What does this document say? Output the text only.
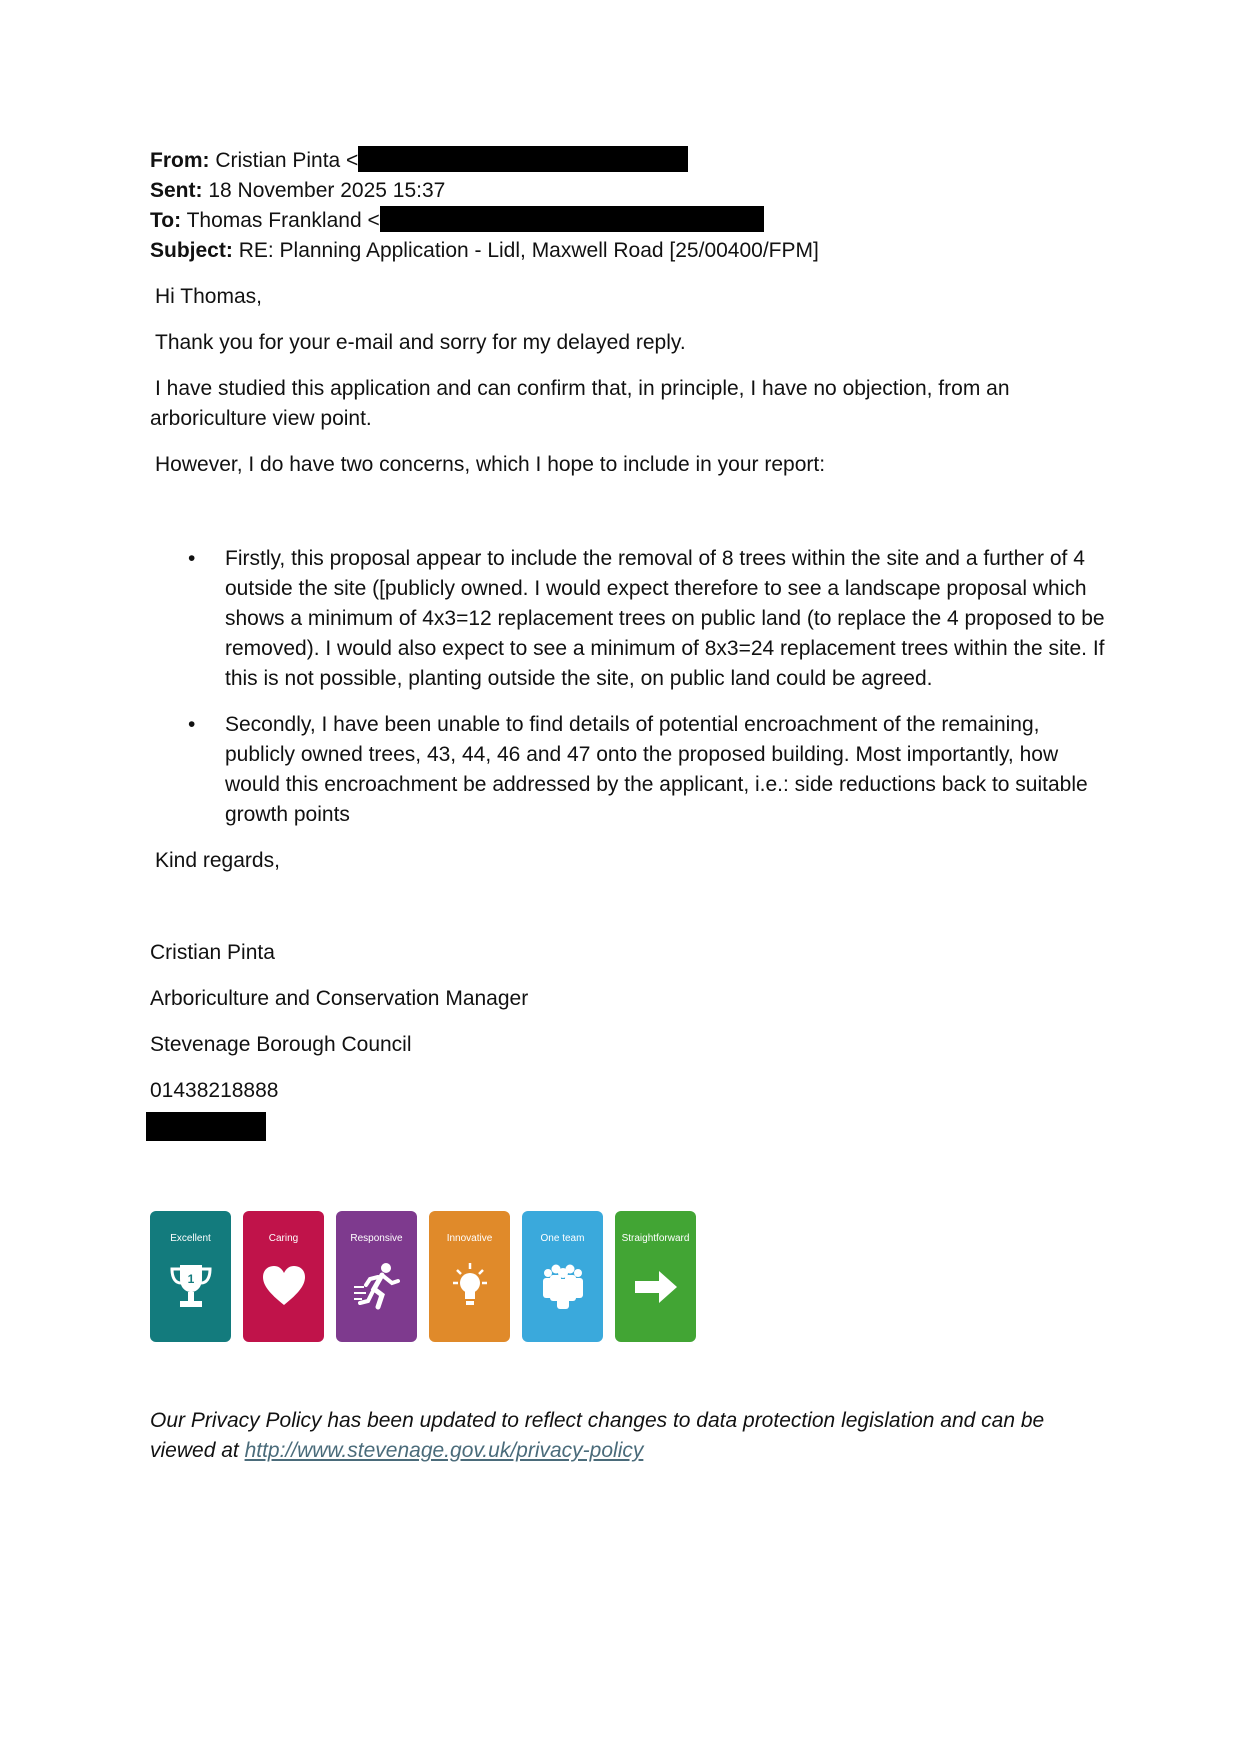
From: Cristian Pinta <
Sent: 18 November 2025 15:37
To: Thomas Frankland <
Subject: RE: Planning Application - Lidl, Maxwell Road [25/00400/FPM]

Hi Thomas,

Thank you for your e-mail and sorry for my delayed reply.

I have studied this application and can confirm that, in principle, I have no objection, from an arboriculture view point.

However, I do have two concerns, which I hope to include in your report:

• Firstly, this proposal appear to include the removal of 8 trees within the site and a further of 4 outside the site ([publicly owned. I would expect therefore to see a landscape proposal which shows a minimum of 4x3=12 replacement trees on public land (to replace the 4 proposed to be removed). I would also expect to see a minimum of 8x3=24 replacement trees within the site. If this is not possible, planting outside the site, on public land could be agreed.
• Secondly, I have been unable to find details of potential encroachment of the remaining, publicly owned trees, 43, 44, 46 and 47 onto the proposed building. Most importantly, how would this encroachment be addressed by the applicant, i.e.: side reductions back to suitable growth points

Kind regards,

Cristian Pinta

Arboriculture and Conservation Manager

Stevenage Borough Council

01438218888

Excellent
1
Caring	Responsive	Innovative	One team	Straightforward

Our Privacy Policy has been updated to reflect changes to data protection legislation and can be viewed at http://www.stevenage.gov.uk/privacy-policy
